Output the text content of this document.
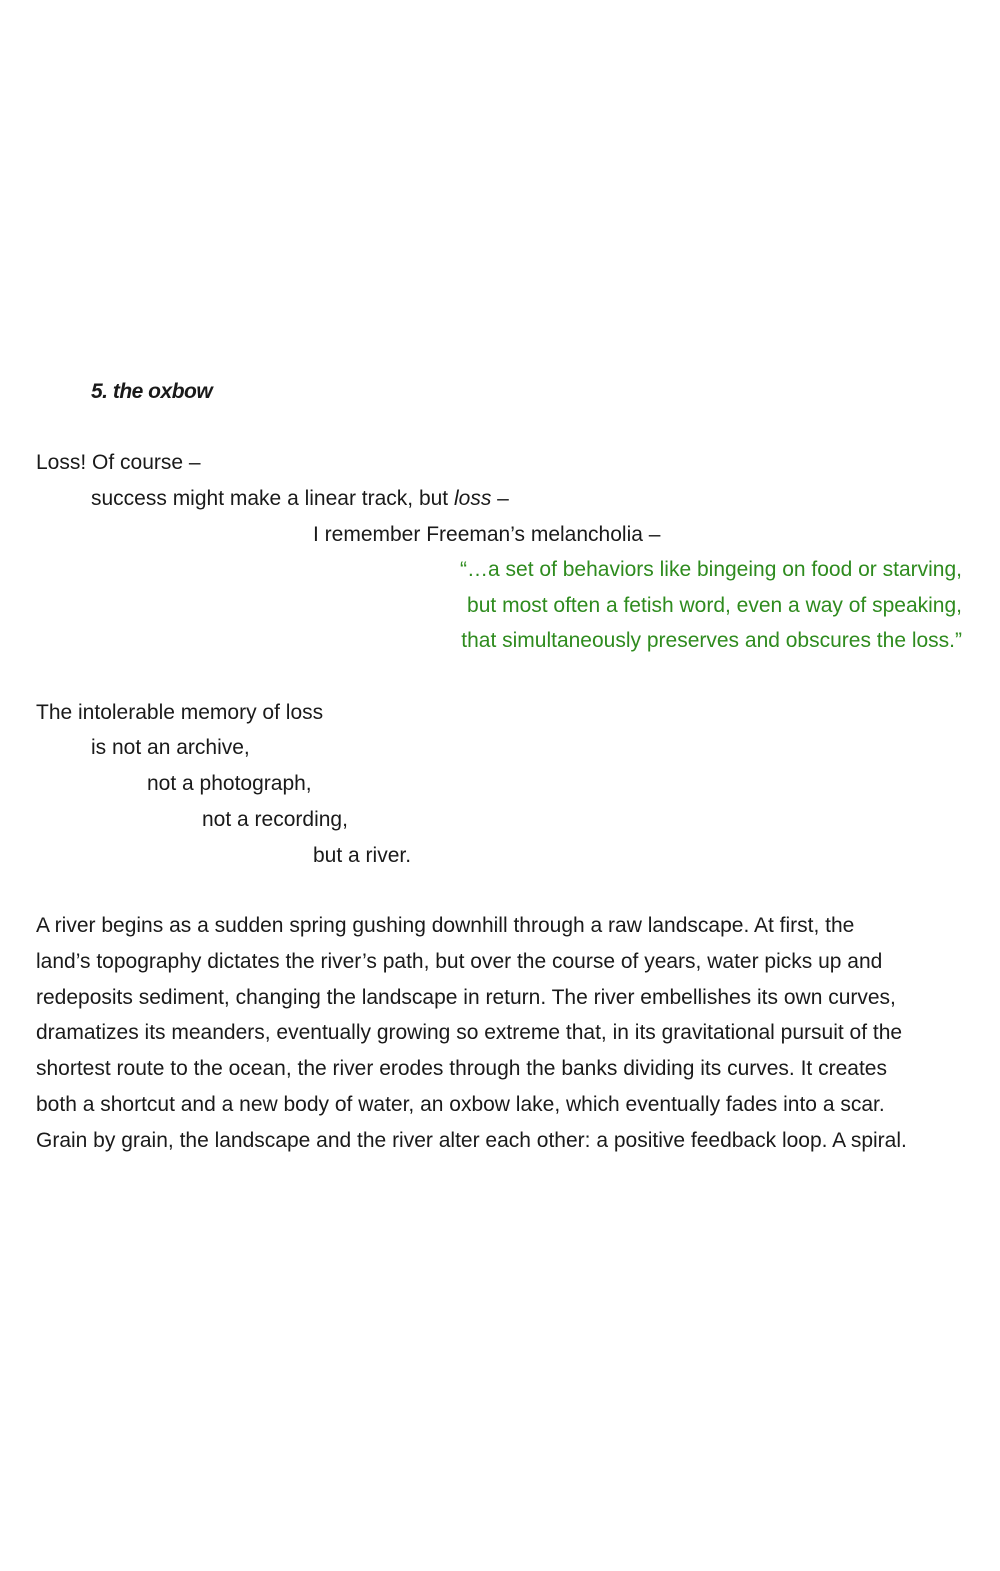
5. the oxbow

Loss! Of course –

success might make a linear track, but loss –

I remember Freeman’s melancholia –

“…a set of behaviors like bingeing on food or starving,

but most often a fetish word, even a way of speaking,

that simultaneously preserves and obscures the loss.”

The intolerable memory of loss

is not an archive,

not a photograph,

not a recording,

but a river.

A river begins as a sudden spring gushing downhill through a raw landscape. At first, the
land’s topography dictates the river’s path, but over the course of years, water picks up and
redeposits sediment, changing the landscape in return. The river embellishes its own curves,
dramatizes its meanders, eventually growing so extreme that, in its gravitational pursuit of the
shortest route to the ocean, the river erodes through the banks dividing its curves. It creates
both a shortcut and a new body of water, an oxbow lake, which eventually fades into a scar.
Grain by grain, the landscape and the river alter each other: a positive feedback loop. A spiral.
